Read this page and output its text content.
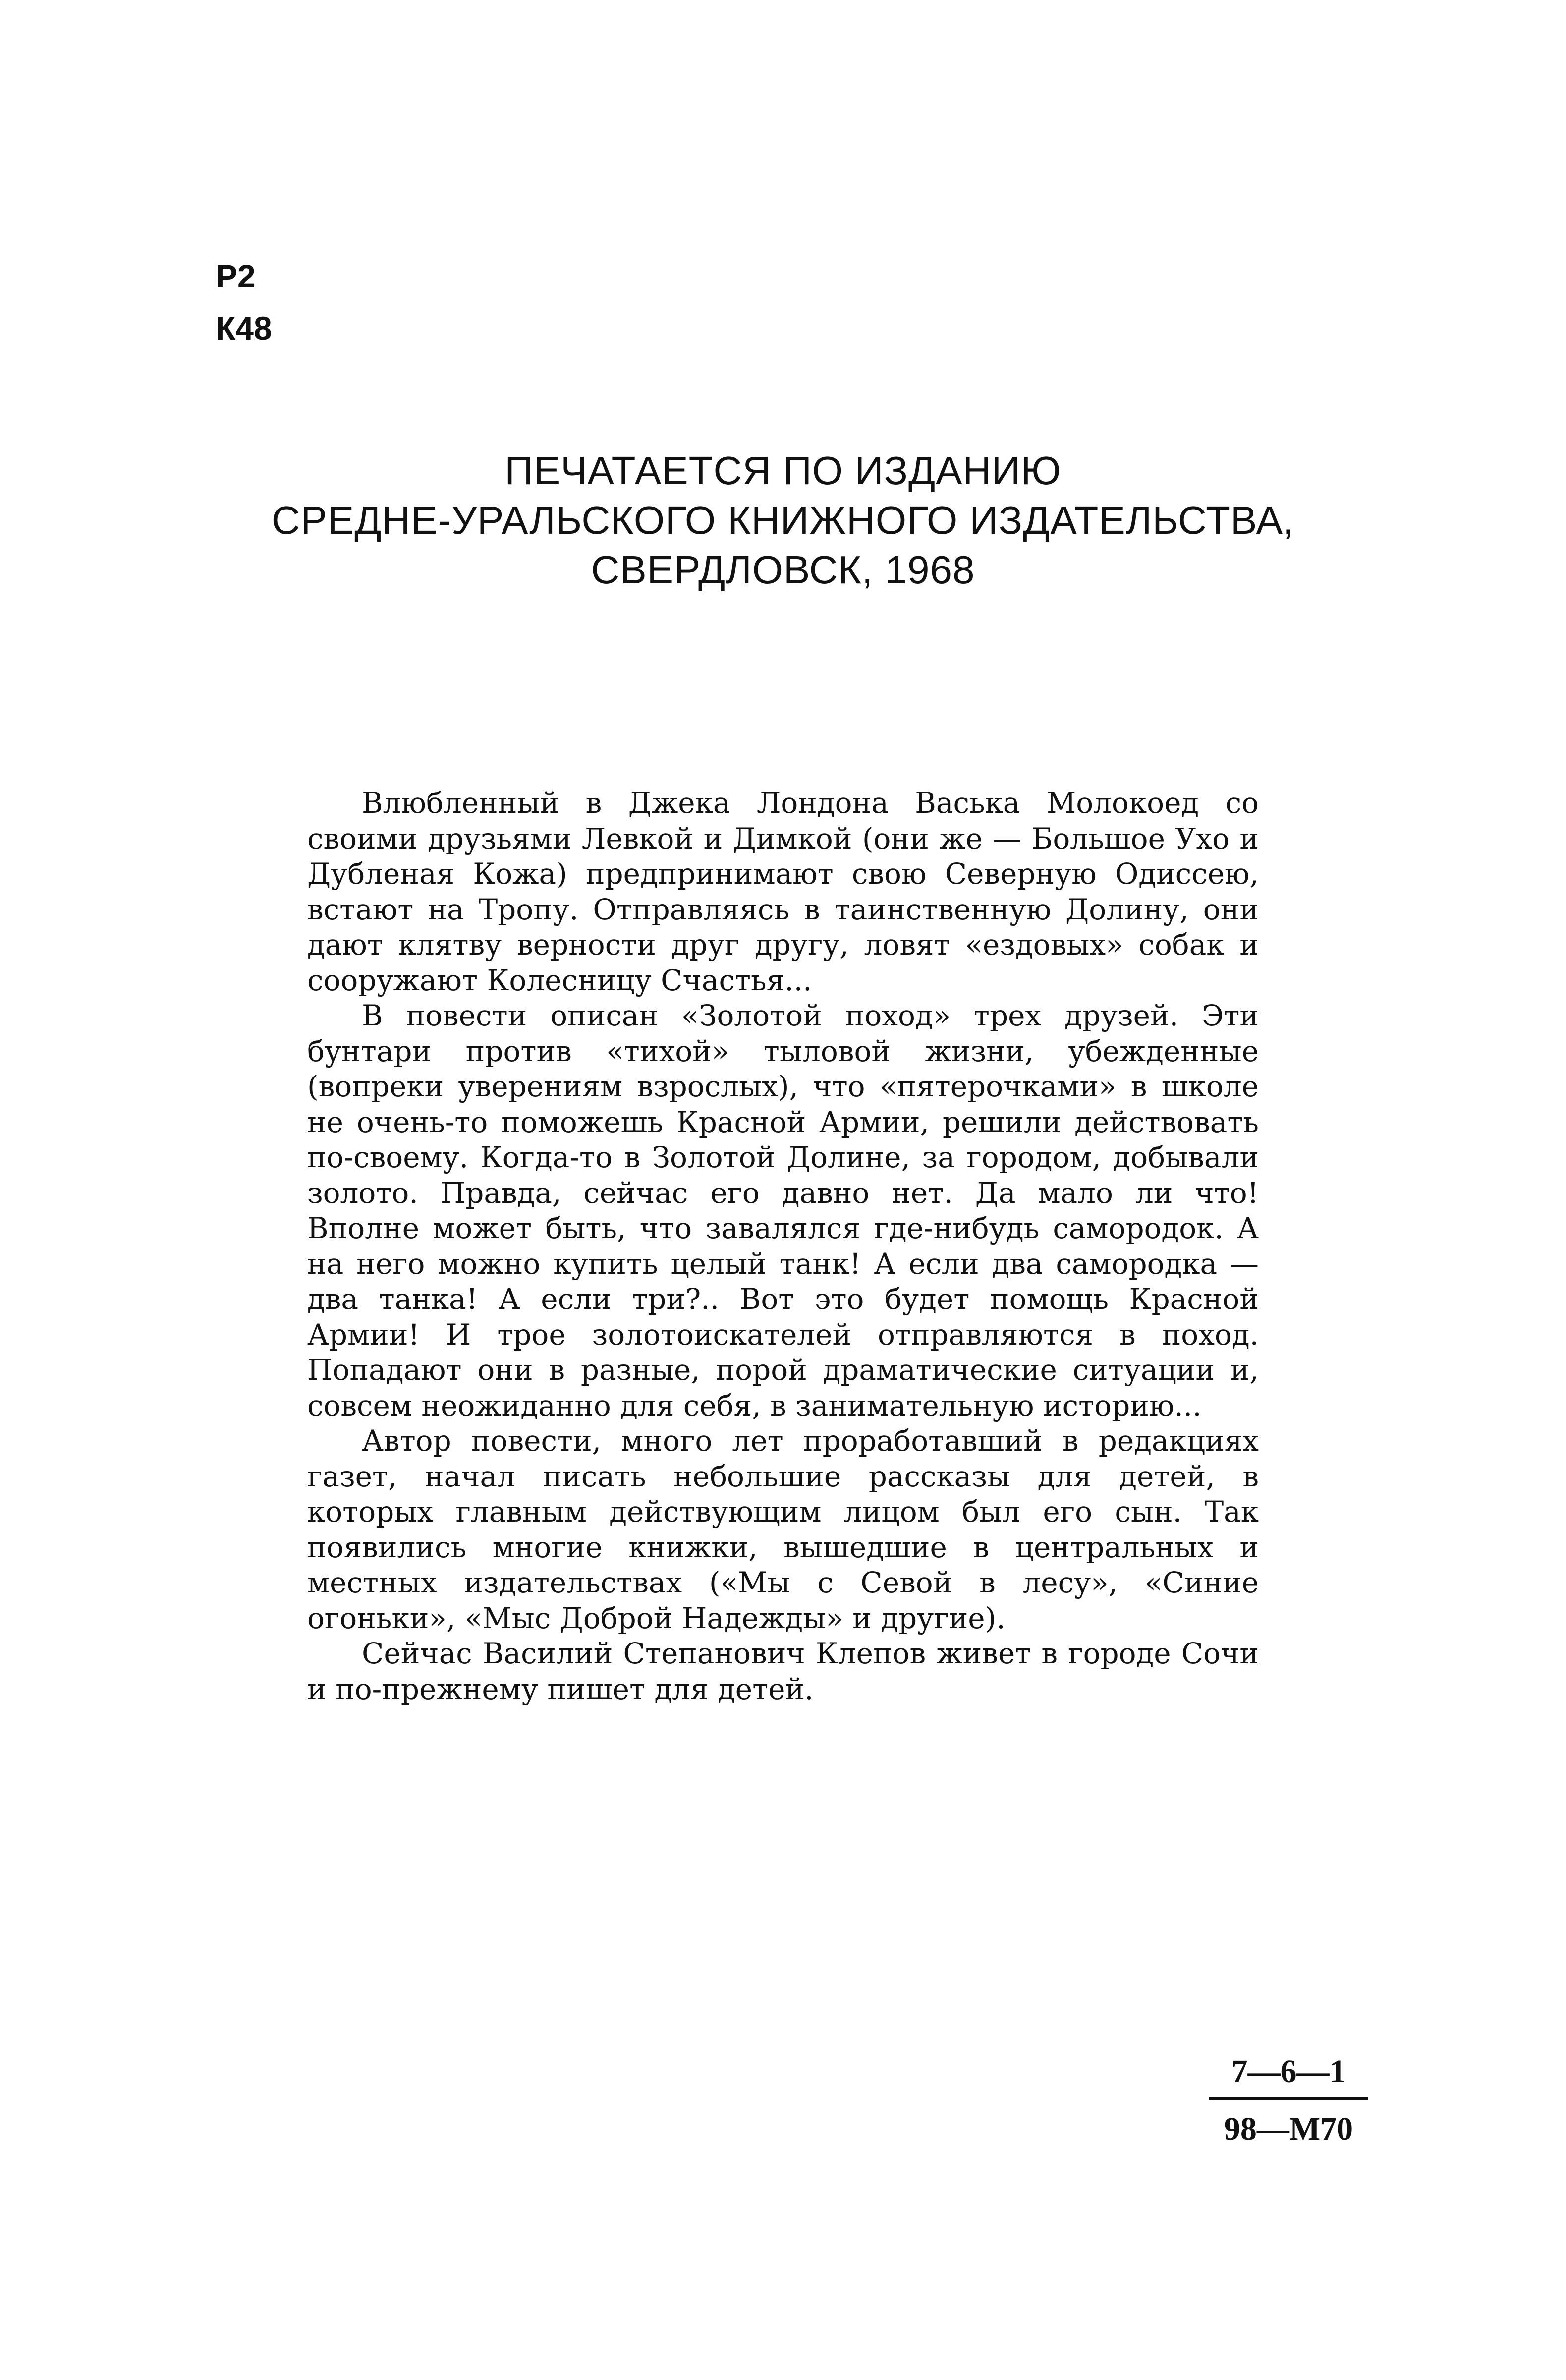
Р2
К48
ПЕЧАТАЕТСЯ ПО ИЗДАНИЮ
СРЕДНЕ-УРАЛЬСКОГО КНИЖНОГО ИЗДАТЕЛЬСТВА,
СВЕРДЛОВСК, 1968

Влюбленный в Джека Лондона Васька Молокоед со своими друзьями Левкой и Димкой (они же — Большое Ухо и Дубленая Кожа) предпринимают свою Северную Одиссею, встают на Тропу. Отправляясь в таинственную Долину, они дают клятву верности друг другу, ловят «ездовых» собак и сооружают Колесницу Счастья...

В повести описан «Золотой поход» трех друзей. Эти бунтари против «тихой» тыловой жизни, убежденные (вопреки уверениям взрослых), что «пятерочками» в школе не очень-то поможешь Красной Армии, решили действовать по-своему. Когда-то в Золотой Долине, за городом, добывали золото. Правда, сейчас его давно нет. Да мало ли что! Вполне может быть, что завалялся где-нибудь самородок. А на него можно купить целый танк! А если два самородка — два танка! А если три?.. Вот это будет помощь Красной Армии! И трое золотоискателей отправляются в поход. Попадают они в разные, порой драматические ситуации и, совсем неожиданно для себя, в занимательную историю...

Автор повести, много лет проработавший в редакциях газет, начал писать небольшие рассказы для детей, в которых главным действующим лицом был его сын. Так появились многие книжки, вышедшие в центральных и местных издательствах («Мы с Севой в лесу», «Синие огоньки», «Мыс Доброй Надежды» и другие).

Сейчас Василий Степанович Клепов живет в городе Сочи и по-прежнему пишет для детей.

7—6—1
98—М70
